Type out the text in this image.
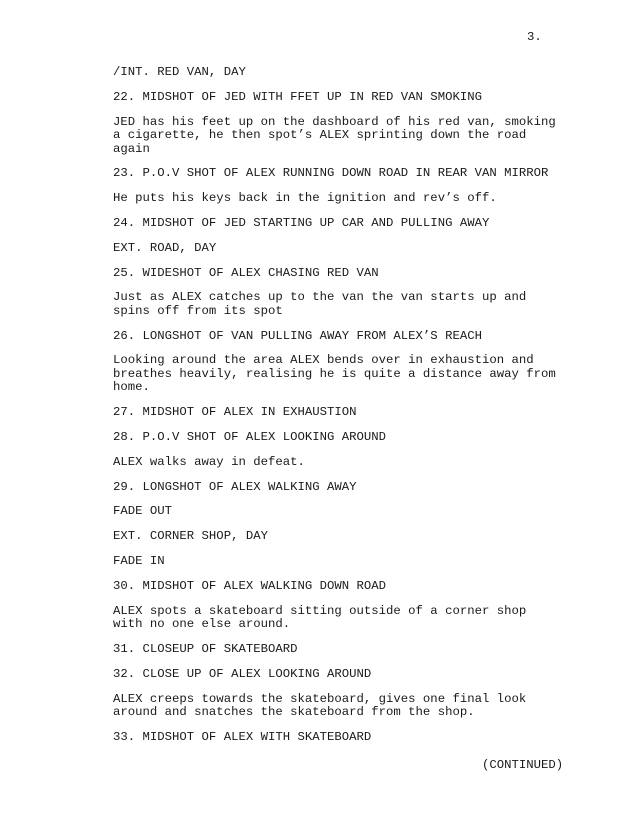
3.

/INT. RED VAN, DAY

22. MIDSHOT OF JED WITH FFET UP IN RED VAN SMOKING

JED has his feet up on the dashboard of his red van, smoking
a cigarette, he then spot’s ALEX sprinting down the road
again

23. P.O.V SHOT OF ALEX RUNNING DOWN ROAD IN REAR VAN MIRROR

He puts his keys back in the ignition and rev’s off.

24. MIDSHOT OF JED STARTING UP CAR AND PULLING AWAY

EXT. ROAD, DAY

25. WIDESHOT OF ALEX CHASING RED VAN

Just as ALEX catches up to the van the van starts up and
spins off from its spot

26. LONGSHOT OF VAN PULLING AWAY FROM ALEX’S REACH

Looking around the area ALEX bends over in exhaustion and
breathes heavily, realising he is quite a distance away from
home.

27. MIDSHOT OF ALEX IN EXHAUSTION

28. P.O.V SHOT OF ALEX LOOKING AROUND

ALEX walks away in defeat.

29. LONGSHOT OF ALEX WALKING AWAY

FADE OUT

EXT. CORNER SHOP, DAY

FADE IN

30. MIDSHOT OF ALEX WALKING DOWN ROAD

ALEX spots a skateboard sitting outside of a corner shop
with no one else around.

31. CLOSEUP OF SKATEBOARD

32. CLOSE UP OF ALEX LOOKING AROUND

ALEX creeps towards the skateboard, gives one final look
around and snatches the skateboard from the shop.

33. MIDSHOT OF ALEX WITH SKATEBOARD

(CONTINUED)
